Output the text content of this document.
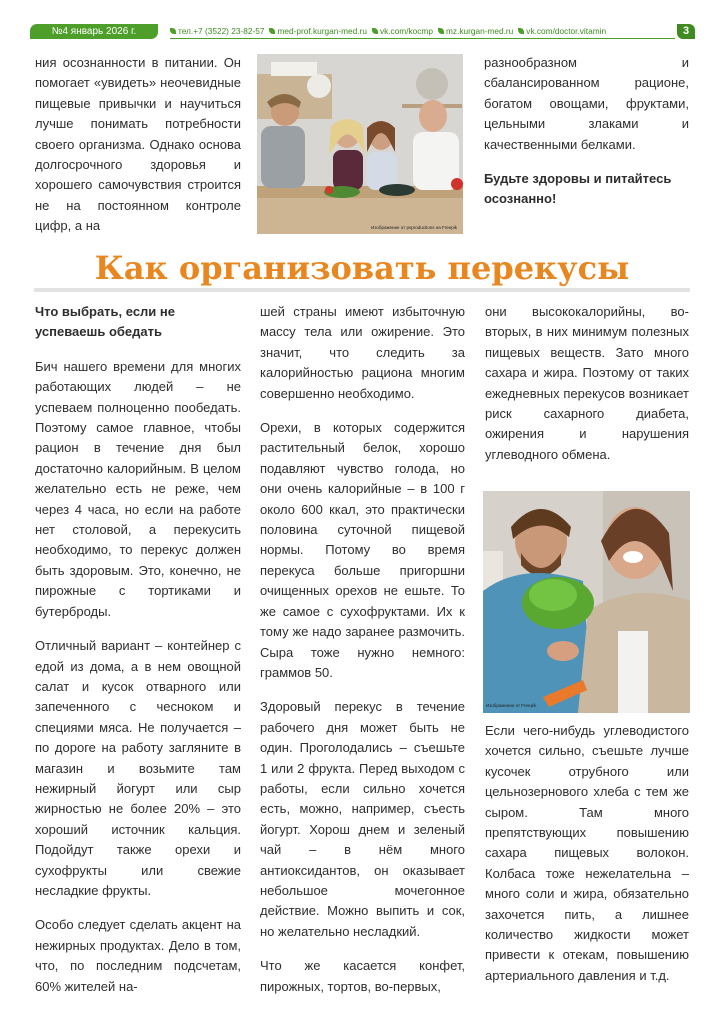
№4 январь 2026 г.	тел.+7 (3522) 23-82-57 med-prof.kurgan-med.ru vk.com/kocmp mz.kurgan-med.ru vk.com/doctor.vitamin	3

ния осознанности в питании. Он помогает «увидеть» неочевидные пищевые привычки и научиться лучше понимать потребности своего организма. Однако основа долгосрочного здоровья и хорошего самочувствия строится не на постоянном контроле цифр, а на	Изображение от pvproductions на Freepik

разнообразном и сбалансированном рационе, богатом овощами, фруктами, цельными злаками и качественными белками.

Будьте здоровы и питайтесь осознанно!

Как организовать перекусы

Что выбрать, если не успеваешь обедать

Бич нашего времени для многих работающих людей – не успеваем полноценно пообедать. Поэтому самое главное, чтобы рацион в течение дня был достаточно калорийным. В целом желательно есть не реже, чем через 4 часа, но если на работе нет столовой, а перекусить необходимо, то перекус должен быть здоровым. Это, конечно, не пирожные с тортиками и бутерброды.

Отличный вариант – контейнер с едой из дома, а в нем овощной салат и кусок отварного или запеченного с чесноком и специями мяса. Не получается – по дороге на работу загляните в магазин и возьмите там нежирный йогурт или сыр жирностью не более 20% – это хороший источник кальция. Подойдут также орехи и сухофрукты или свежие несладкие фрукты.

Особо следует сделать акцент на нежирных продуктах. Дело в том, что, по последним подсчетам, 60% жителей на-

шей страны имеют избыточную массу тела или ожирение. Это значит, что следить за калорийностью рациона многим совершенно необходимо.

Орехи, в которых содержится растительный белок, хорошо подавляют чувство голода, но они очень калорийные – в 100 г около 600 ккал, это практически половина суточной пищевой нормы. Потому во время перекуса больше пригоршни очищенных орехов не ешьте. То же самое с сухофруктами. Их к тому же надо заранее размочить. Сыра тоже нужно немного: граммов 50.

Здоровый перекус в течение рабочего дня может быть не один. Проголодались – съешьте 1 или 2 фрукта. Перед выходом с работы, если сильно хочется есть, можно, например, съесть йогурт. Хорош днем и зеленый чай – в нём много антиоксидантов, он оказывает небольшое мочегонное действие. Можно выпить и сок, но желательно несладкий.

Что же касается конфет, пирожных, тортов, во-первых,

они высококалорийны, во-вторых, в них минимум полезных пищевых веществ. Зато много сахара и жира. Поэтому от таких ежедневных перекусов возникает риск сахарного диабета, ожирения и нарушения углеводного обмена.

Изображение от Freepik

Если чего-нибудь углеводистого хочется сильно, съешьте лучше кусочек отрубного или цельнозернового хлеба с тем же сыром. Там много препятствующих повышению сахара пищевых волокон. Колбаса тоже нежелательна – много соли и жира, обязательно захочется пить, а лишнее количество жидкости может привести к отекам, повышению артериального давления и т.д.
